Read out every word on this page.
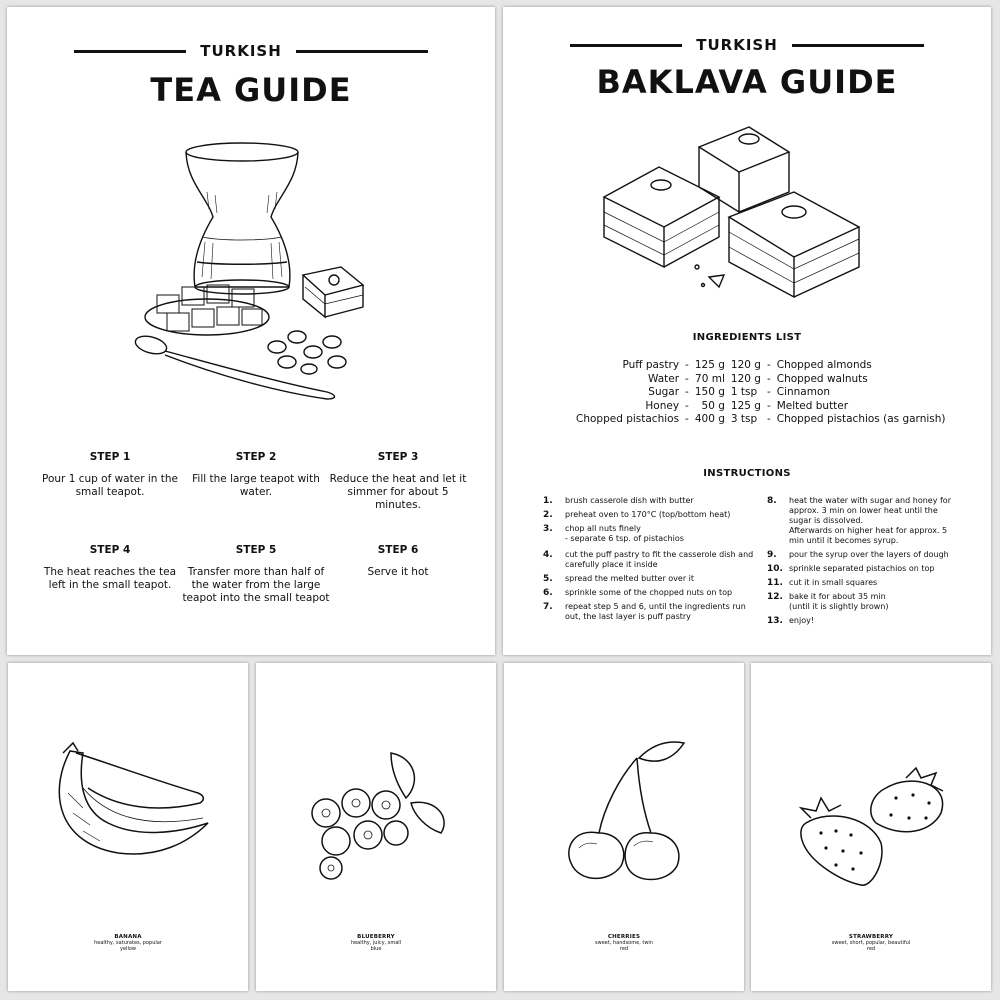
TURKISH
TEA GUIDE
STEP 1
Pour 1 cup of water in the small teapot.
STEP 2
Fill the large teapot with water.
STEP 3
Reduce the heat and let it simmer for about 5 minutes.
STEP 4
The heat reaches the tea left in the small teapot.
STEP 5
Transfer more than half of the water from the large teapot into the small teapot
STEP 6
Serve it hot
TURKISH
BAKLAVA GUIDE
INGREDIENTS LIST
Puff pastry	-	125 g	120 g	-	Chopped almonds
Water	-	70 ml	120 g	-	Chopped walnuts
Sugar	-	150 g	1 tsp	-	Cinnamon
Honey	-	50 g	125 g	-	Melted butter
Chopped pistachios	-	400 g	3 tsp	-	Chopped pistachios (as garnish)
INSTRUCTIONS
1.	brush casserole dish with butter
2.	preheat oven to 170°C (top/bottom heat)
3.	chop all nuts finely
- separate 6 tsp. of pistachios
4.	cut the puff pastry to fit the casserole dish and carefully place it inside
5.	spread the melted butter over it
6.	sprinkle some of the chopped nuts on top
7.	repeat step 5 and 6, until the ingredients run out, the last layer is puff pastry
8.	heat the water with sugar and honey for approx. 3 min on lower heat until the sugar is dissolved.
Afterwards on higher heat for approx. 5 min until it becomes syrup.
9.	pour the syrup over the layers of dough
10. sprinkle separated pistachios on top
11. cut it in small squares
12. bake it for about 35 min
(until it is slightly brown)
13. enjoy!
BANANA
healthy, saturates, popular
yellow
BLUEBERRY
healthy, juicy, small
blue
CHERRIES
sweet, handsome, twin
red
STRAWBERRY
sweet, short, popular, beautiful
red
